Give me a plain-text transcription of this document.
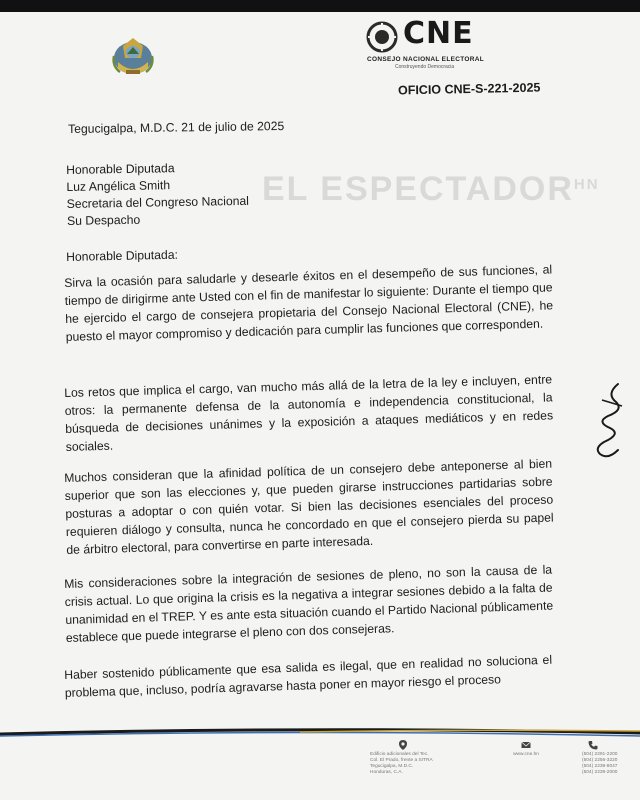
CNE
CONSEJO NACIONAL ELECTORAL
Construyendo Democracia
OFICIO CNE-S-221-2025
Tegucigalpa, M.D.C. 21 de julio de 2025
Honorable Diputada
Luz Angélica Smith
Secretaria del Congreso Nacional
Su Despacho
Honorable Diputada:
Sirva la ocasión para saludarle y desearle éxitos en el desempeño de sus funciones, al tiempo de dirigirme ante Usted con el fin de manifestar lo siguiente: Durante el tiempo que he ejercido el cargo de consejera propietaria del Consejo Nacional Electoral (CNE), he puesto el mayor compromiso y dedicación para cumplir las funciones que corresponden.
Los retos que implica el cargo, van mucho más allá de la letra de la ley e incluyen, entre otros: la permanente defensa de la autonomía e independencia constitucional, la búsqueda de decisiones unánimes y la exposición a ataques mediáticos y en redes sociales.
Muchos consideran que la afinidad política de un consejero debe anteponerse al bien superior que son las elecciones y, que pueden girarse instrucciones partidarias sobre posturas a adoptar o con quién votar. Si bien las decisiones esenciales del proceso requieren diálogo y consulta, nunca he concordado en que el consejero pierda su papel de árbitro electoral, para convertirse en parte interesada.
Mis consideraciones sobre la integración de sesiones de pleno, no son la causa de la crisis actual. Lo que origina la crisis es la negativa a integrar sesiones debido a la falta de unanimidad en el TREP. Y es ante esta situación cuando el Partido Nacional públicamente establece que puede integrarse el pleno con dos consejeras.
Haber sostenido públicamente que esa salida es ilegal, que en realidad no soluciona el problema que, incluso, podría agravarse hasta poner en mayor riesgo el proceso
EL $ESPECTADOR^{HN}$
Edificio adicionales del Tec.
Col. El Prado, frente a SITRA
Tegucigalpa, M.D.C.
Honduras, C.A.
www.cne.hn	(504) 2291-2200
(504) 2256-3220
(504) 2239-8047
(504) 2239-2000
